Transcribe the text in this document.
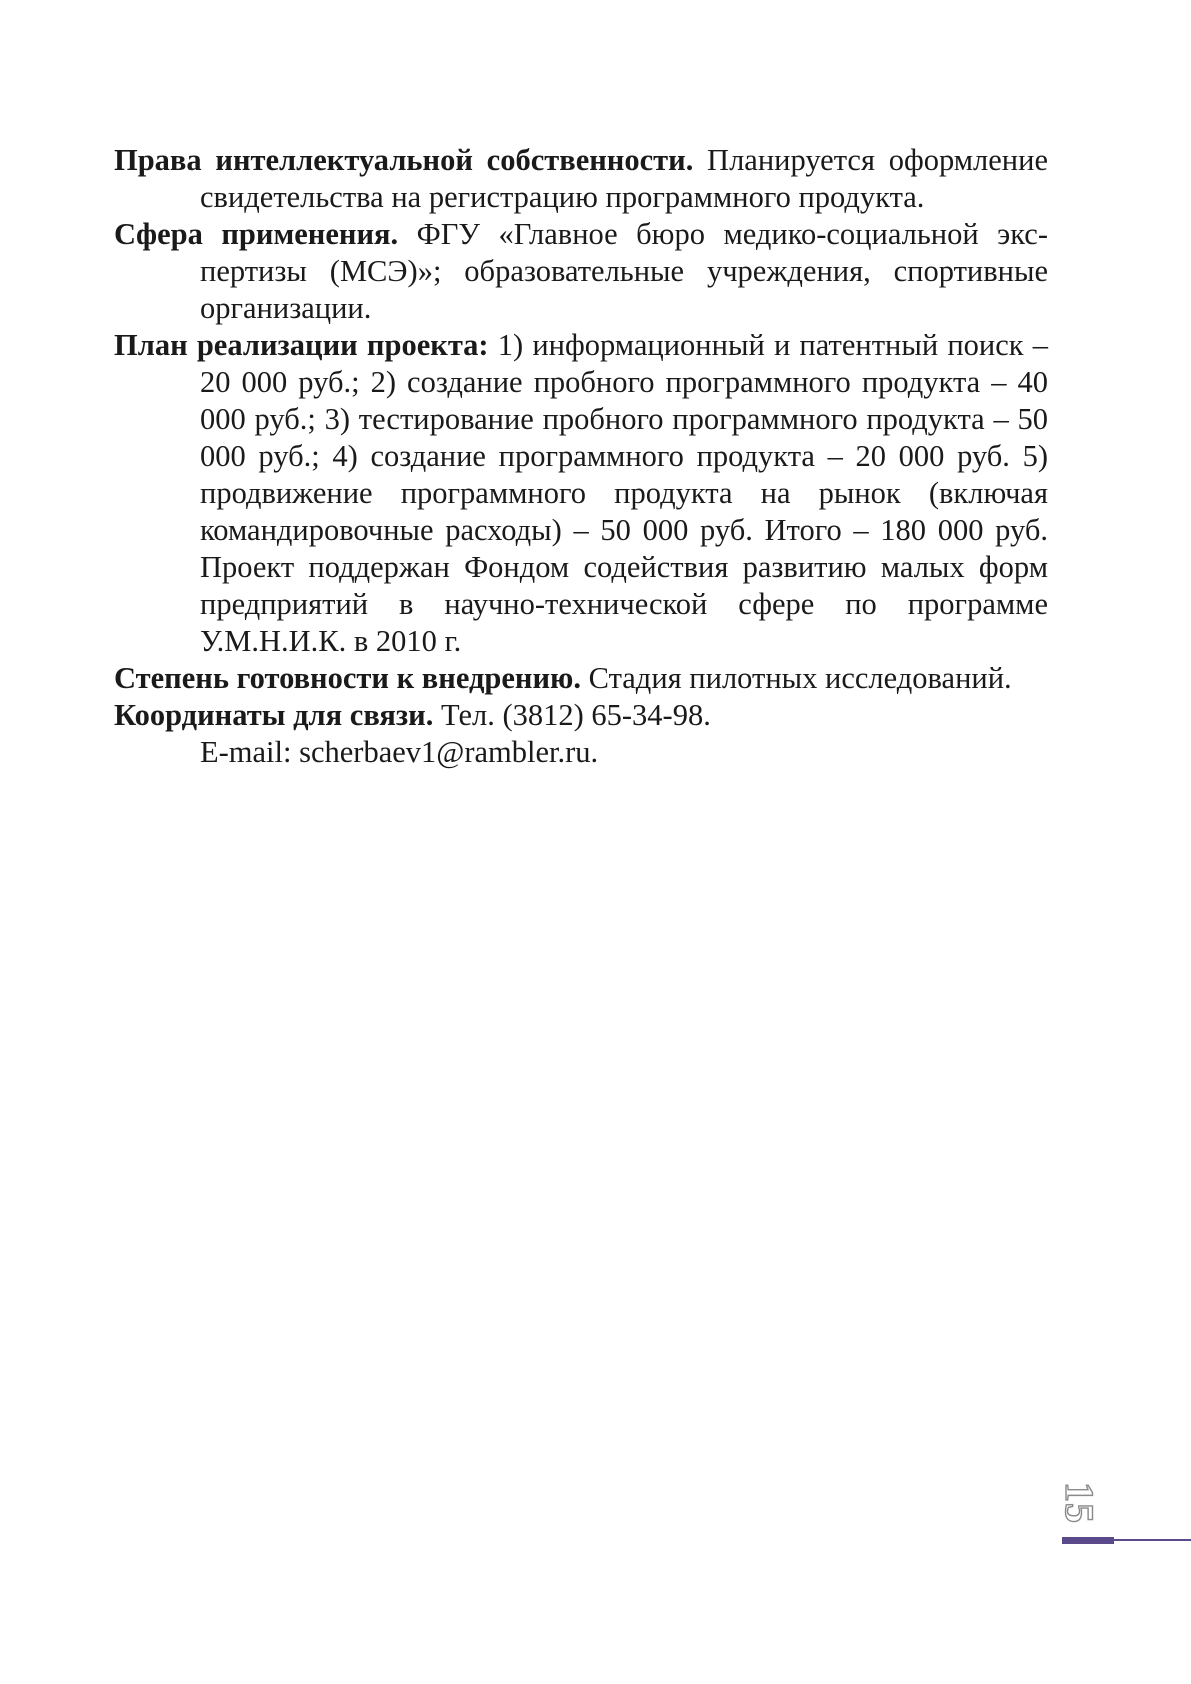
Права интеллектуальной собственности. Планируется оформление свидетельства на регистрацию программного продукта.

Сфера применения. ФГУ «Главное бюро медико-социальной экспертизы (МСЭ)»; образовательные учреждения, спортивные организации.

План реализации проекта: 1) информационный и патентный поиск – 20 000 руб.; 2) создание пробного программного продукта – 40 000 руб.; 3) тестирование пробного программного продукта – 50 000 руб.; 4) создание программного продукта – 20 000 руб. 5) продвижение программного продукта на рынок (включая командировочные расходы) – 50 000 руб. Итого – 180 000 руб. Проект поддержан Фондом содействия развитию малых форм предприятий в научно-технической сфере по программе У.М.Н.И.К. в 2010 г.

Степень готовности к внедрению. Стадия пилотных исследований.

Координаты для связи. Тел. (3812) 65-34-98.

E-mail: scherbaev1@rambler.ru.
15
